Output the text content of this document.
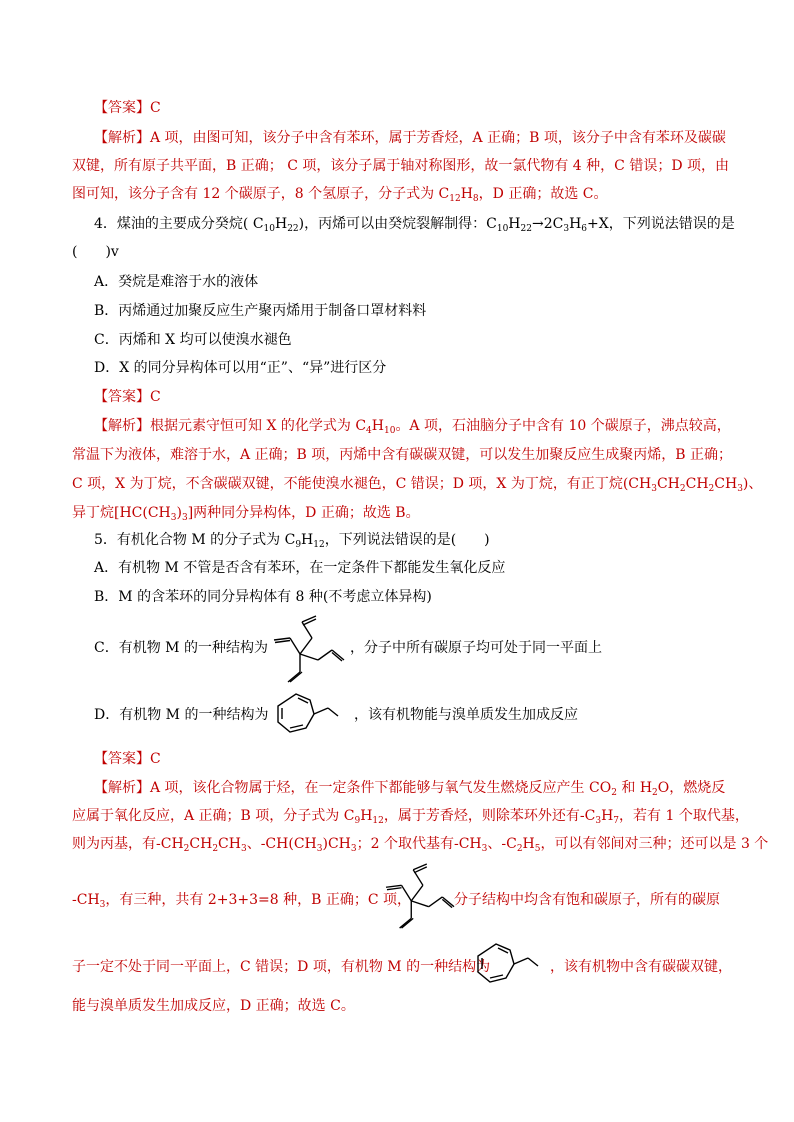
【答案】C
【解析】A 项，由图可知，该分子中含有苯环，属于芳香烃，A 正确；B 项，该分子中含有苯环及碳碳
双键，所有原子共平面，B 正确； C 项，该分子属于轴对称图形，故一氯代物有 4 种，C 错误；D 项，由
图可知，该分子含有 12 个碳原子，8 个氢原子，分子式为 $C_{12}H_8$，D 正确；故选 C。
4．煤油的主要成分癸烷( $C_{10}H_{22}$)，丙烯可以由癸烷裂解制得：$C_{10}H_{22}\to 2C_3H_6+X$，下列说法错误的是
(　　)v
A．癸烷是难溶于水的液体
B．丙烯通过加聚反应生产聚丙烯用于制备口罩材料料
C．丙烯和 X 均可以使溴水褪色
D．X 的同分异构体可以用“正”、“异”进行区分
【答案】C
【解析】根据元素守恒可知 X 的化学式为 $C_4H_{10}$。A 项，石油脑分子中含有 10 个碳原子，沸点较高，
常温下为液体，难溶于水，A 正确；B 项，丙烯中含有碳碳双键，可以发生加聚反应生成聚丙烯，B 正确；
C 项，X 为丁烷，不含碳碳双键，不能使溴水褪色，C 错误；D 项，X 为丁烷，有正丁烷$(CH_3CH_2CH_2CH_3)$、
异丁烷$[HC(CH_3)_3]$两种同分异构体，D 正确；故选 B。
5．有机化合物 M 的分子式为 $C_9H_{12}$，下列说法错误的是(　　)
A．有机物 M 不管是否含有苯环，在一定条件下都能发生氧化反应
B．M 的含苯环的同分异构体有 8 种(不考虑立体异构)
C．有机物 M 的一种结构为	，分子中所有碳原子均可处于同一平面上
D．有机物 M 的一种结构为	，该有机物能与溴单质发生加成反应
【答案】C
【解析】A 项，该化合物属于烃，在一定条件下都能够与氧气发生燃烧反应产生 $CO_2$ 和 $H_2O$，燃烧反
应属于氧化反应，A 正确；B 项，分子式为 $C_9H_{12}$，属于芳香烃，则除苯环外还有$-C_3H_7$，若有 1 个取代基，
则为丙基，有$-CH_2CH_2CH_3$、$-CH(CH_3)CH_3$；2 个取代基有$-CH_3$、$-C_2H_5$，可以有邻间对三种；还可以是 3 个
$-CH_3$，有三种，共有 2+3+3=8 种，B 正确；C 项，	分子结构中均含有饱和碳原子，所有的碳原
子一定不处于同一平面上，C 错误；D 项，有机物 M 的一种结构为	，该有机物中含有碳碳双键，
能与溴单质发生加成反应，D 正确；故选 C。
